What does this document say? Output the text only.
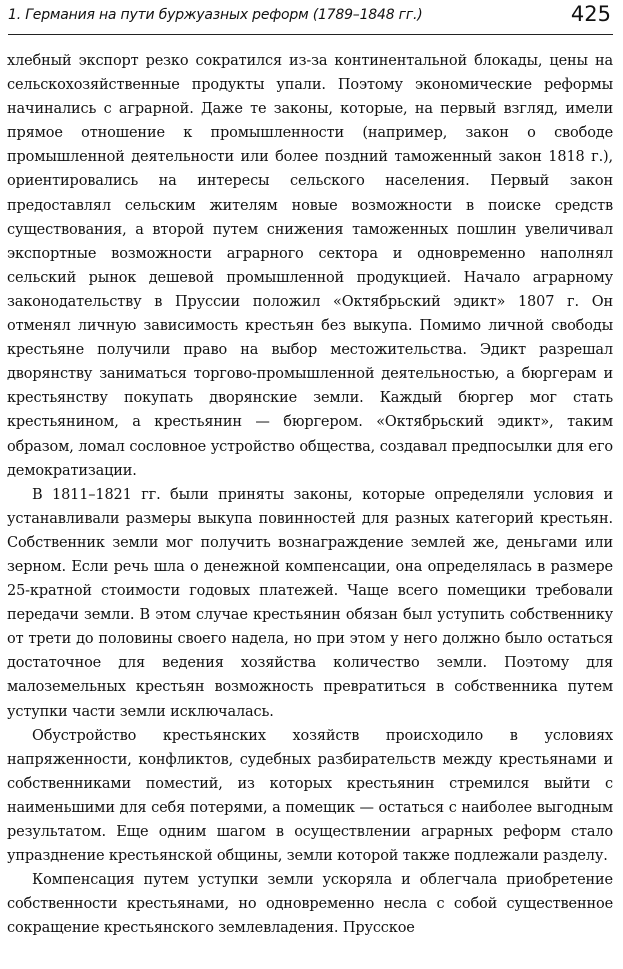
1. Германия на пути буржуазных реформ (1789–1848 гг.)	425

хлебный экспорт резко сократился из-за континентальной блокады, цены на сельскохозяйственные продукты упали. Поэтому экономические реформы начинались с аграрной. Даже те законы, которые, на первый взгляд, имели прямое отношение к промышленности (например, закон о свободе промышленной деятельности или более поздний таможенный закон 1818 г.), ориентировались на интересы сельского населения. Первый закон предоставлял сельским жителям новые возможности в поиске средств существования, а второй путем снижения таможенных пошлин увеличивал экспортные возможности аграрного сектора и одновременно наполнял сельский рынок дешевой промышленной продукцией. Начало аграрному законодательству в Пруссии положил «Октябрьский эдикт» 1807 г. Он отменял личную зависимость крестьян без выкупа. Помимо личной свободы крестьяне получили право на выбор местожительства. Эдикт разрешал дворянству заниматься торгово-промышленной деятельностью, а бюргерам и крестьянству покупать дворянские земли. Каждый бюргер мог стать крестьянином, а крестьянин — бюргером. «Октябрьский эдикт», таким образом, ломал сословное устройство общества, создавал предпосылки для его демократизации.

В 1811–1821 гг. были приняты законы, которые определяли условия и устанавливали размеры выкупа повинностей для разных категорий крестьян. Собственник земли мог получить вознаграждение землей же, деньгами или зерном. Если речь шла о денежной компенсации, она определялась в размере 25-кратной стоимости годовых платежей. Чаще всего помещики требовали передачи земли. В этом случае крестьянин обязан был уступить собственнику от трети до половины своего надела, но при этом у него должно было остаться достаточное для ведения хозяйства количество земли. Поэтому для малоземельных крестьян возможность превратиться в собственника путем уступки части земли исключалась.

Обустройство крестьянских хозяйств происходило в условиях напряженности, конфликтов, судебных разбирательств между крестьянами и собственниками поместий, из которых крестьянин стремился выйти с наименьшими для себя потерями, а помещик — остаться с наиболее выгодным результатом. Еще одним шагом в осуществлении аграрных реформ стало упразднение крестьянской общины, земли которой также подлежали разделу.

Компенсация путем уступки земли ускоряла и облегчала приобретение собственности крестьянами, но одновременно несла с собой существенное сокращение крестьянского землевладения. Прусское
